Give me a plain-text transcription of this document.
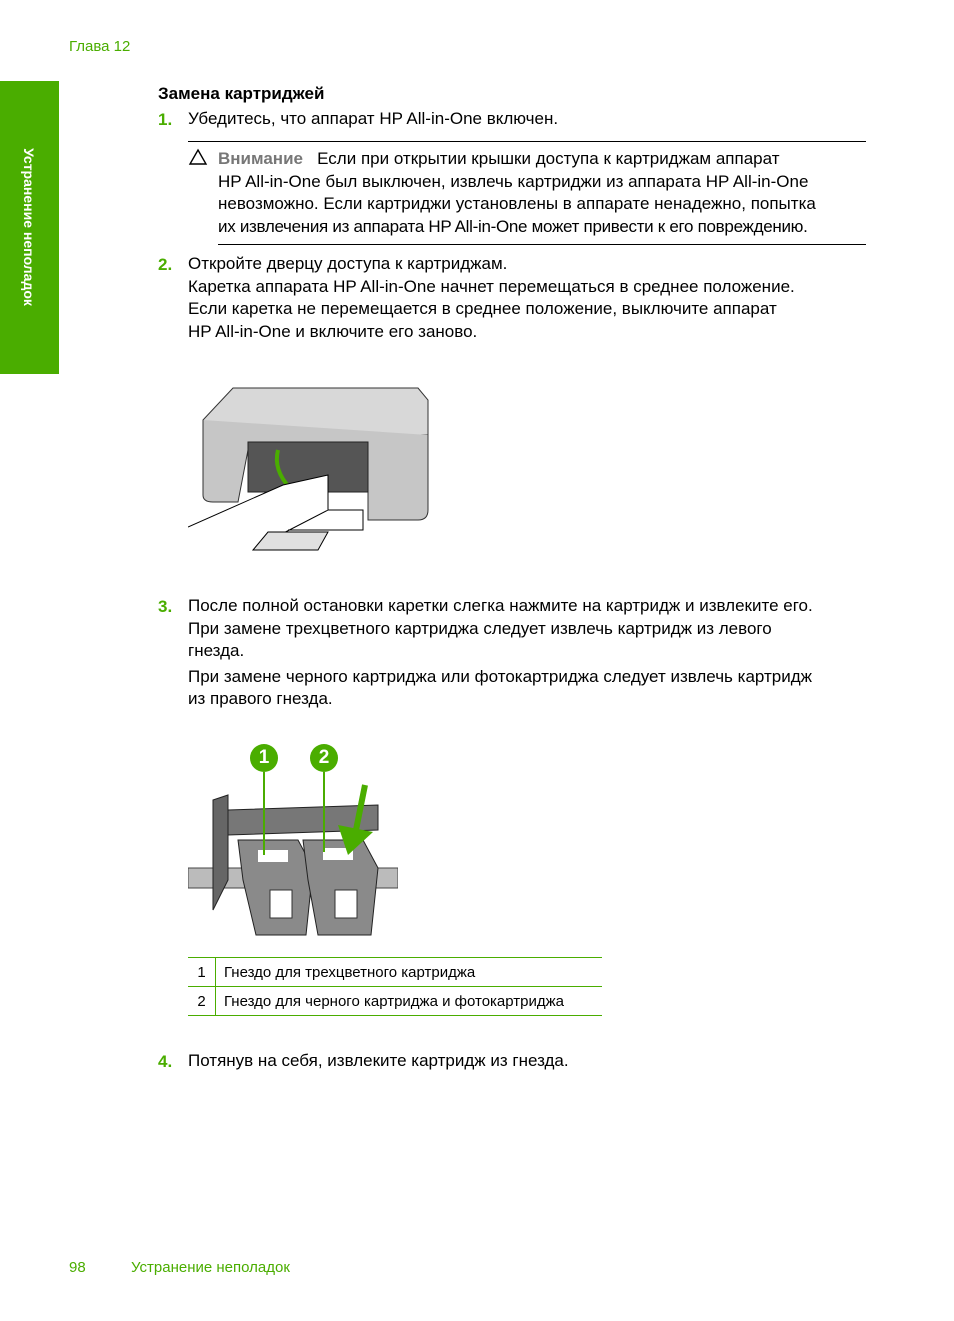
Глава 12
Устранение неполадок
Замена картриджей
1. Убедитесь, что аппарат HP All-in-One включен.
Внимание Если при открытии крышки доступа к картриджам аппарат
HP All-in-One был выключен, извлечь картриджи из аппарата HP All-in-One
невозможно. Если картриджи установлены в аппарате ненадежно, попытка
их извлечения из аппарата HP All-in-One может привести к его повреждению.
2. Откройте дверцу доступа к картриджам.
Каретка аппарата HP All-in-One начнет перемещаться в среднее положение.
Если каретка не перемещается в среднее положение, выключите аппарат
HP All-in-One и включите его заново.
3. После полной остановки каретки слегка нажмите на картридж и извлеките его.
При замене трехцветного картриджа следует извлечь картридж из левого
гнезда.
При замене черного картриджа или фотокартриджа следует извлечь картридж
из правого гнезда.
1	2
1	Гнездо для трехцветного картриджа
2	Гнездо для черного картриджа и фотокартриджа
4. Потянув на себя, извлеките картридж из гнезда.
98	Устранение неполадок
